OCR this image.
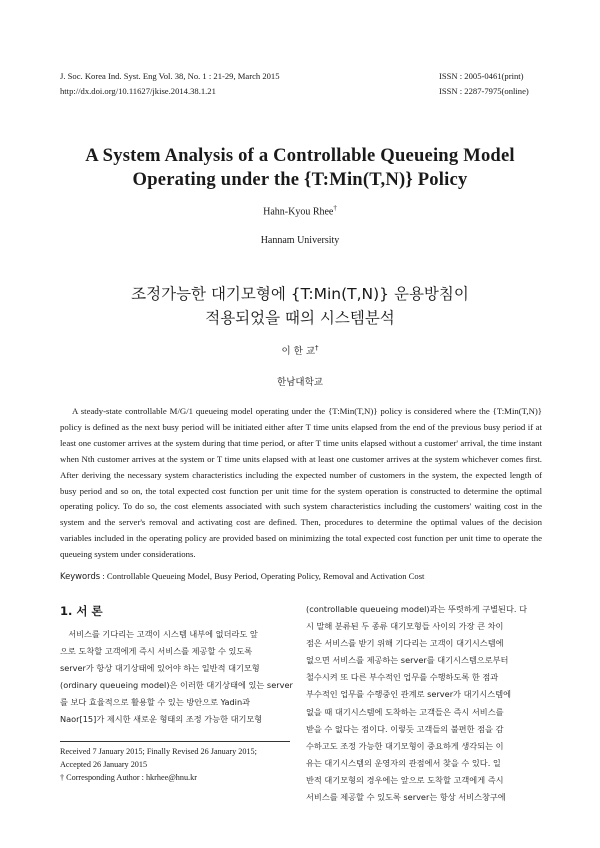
J. Soc. Korea Ind. Syst. Eng Vol. 38, No. 1 : 21-29, March 2015
http://dx.doi.org/10.11627/jkise.2014.38.1.21
ISSN : 2005-0461(print)
ISSN : 2287-7975(online)
A System Analysis of a Controllable Queueing Model
Operating under the {T:Min(T,N)} Policy
Hahn-Kyou Rhee†
Hannam University
조정가능한 대기모형에 {T:Min(T,N)} 운용방침이
적용되었을 때의 시스템분석
이 한 교†
한남대학교

A steady-state controllable M/G/1 queueing model operating under the {T:Min(T,N)} policy is considered where the {T:Min(T,N)} policy is defined as the next busy period will be initiated either after T time units elapsed from the end of the previous busy period if at least one customer arrives at the system during that time period, or after T time units elapsed without a customer' arrival, the time instant when Nth customer arrives at the system or T time units elapsed with at least one customer arrives at the system whichever comes first. After deriving the necessary system characteristics including the expected number of customers in the system, the expected length of busy period and so on, the total expected cost function per unit time for the system operation is constructed to determine the optimal operating policy. To do so, the cost elements associated with such system characteristics including the customers' waiting cost in the system and the server's removal and activating cost are defined. Then, procedures to determine the optimal values of the decision variables included in the operating policy are provided based on minimizing the total expected cost function per unit time to operate the queueing system under considerations.

Keywords : Controllable Queueing Model, Busy Period, Operating Policy, Removal and Activation Cost
1. 서 론
　서비스를 기다리는 고객이 시스템 내부에 없더라도 앞
으로 도착할 고객에게 즉시 서비스를 제공할 수 있도록
server가 항상 대기상태에 있어야 하는 일반적 대기모형
(ordinary queueing model)은 이러한 대기상태에 있는 server
를 보다 효율적으로 활용할 수 있는 방안으로 Yadin과
Naor[15]가 제시한 새로운 형태의 조정 가능한 대기모형
Received 7 January 2015; Finally Revised 26 January 2015;
Accepted 26 January 2015
† Corresponding Author : hkrhee@hnu.kr
(controllable queueing model)과는 뚜렷하게 구별된다. 다
시 말해 분류된 두 종류 대기모형들 사이의 가장 큰 차이
점은 서비스를 받기 위해 기다리는 고객이 대기시스템에
없으면 서비스를 제공하는 server를 대기시스템으로부터
철수시켜 또 다른 부수적인 업무를 수행하도록 한 점과
부수적인 업무를 수행중인 관계로 server가 대기시스템에
없을 때 대기시스템에 도착하는 고객들은 즉시 서비스를
받을 수 없다는 점이다. 이렇듯 고객들의 불편한 점을 감
수하고도 조정 가능한 대기모형이 중요하게 생각되는 이
유는 대기시스템의 운영자의 관점에서 찾을 수 있다. 일
반적 대기모형의 경우에는 앞으로 도착할 고객에게 즉시
서비스를 제공할 수 있도록 server는 항상 서비스창구에
